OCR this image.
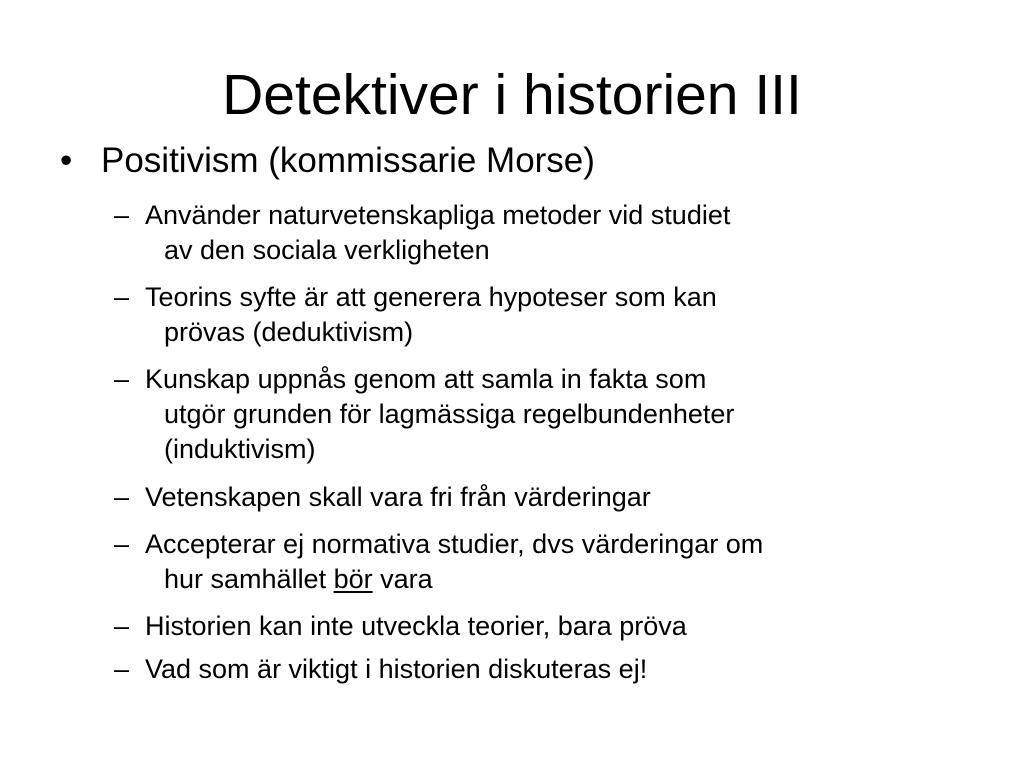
Detektiver i historien III
• Positivism (kommissarie Morse)
– Använder naturvetenskapliga metoder vid studiet
av den sociala verkligheten
– Teorins syfte är att generera hypoteser som kan
prövas (deduktivism)
– Kunskap uppnås genom att samla in fakta som
utgör grunden för lagmässiga regelbundenheter
(induktivism)
– Vetenskapen skall vara fri från värderingar
– Accepterar ej normativa studier, dvs värderingar om
hur samhället bör vara
– Historien kan inte utveckla teorier, bara pröva
– Vad som är viktigt i historien diskuteras ej!
